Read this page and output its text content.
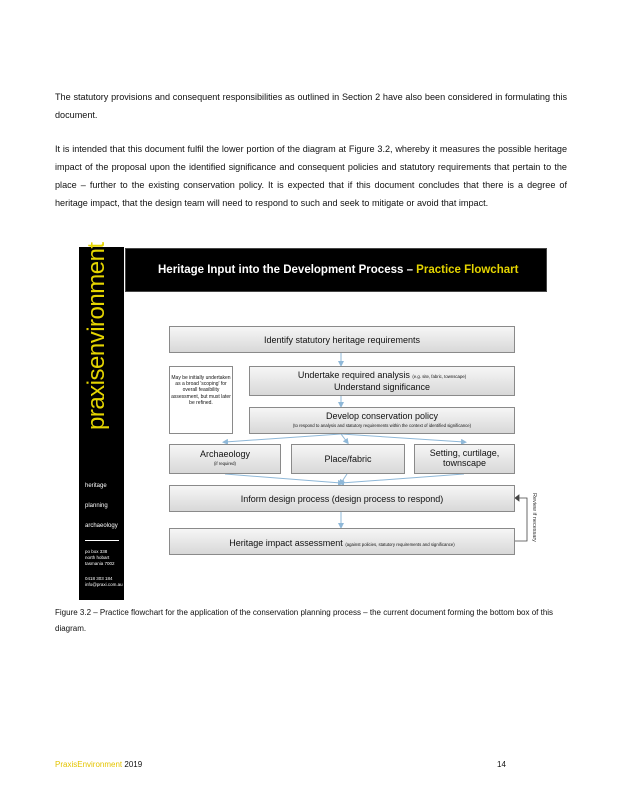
The statutory provisions and consequent responsibilities as outlined in Section 2 have also been considered in formulating this document.

It is intended that this document fulfil the lower portion of the diagram at Figure 3.2, whereby it measures the possible heritage impact of the proposal upon the identified significance and consequent policies and statutory requirements that pertain to the place – further to the existing conservation policy. It is expected that if this document concludes that there is a degree of heritage impact, that the design team will need to respond to such and seek to mitigate or avoid that impact.

praxisenvironment
heritage
planning
archaeology
po box 338
north hobart
tasmania 7002
0418 303 184
info@praxi.com.au
Heritage Input into the Development Process – Practice Flowchart
Identify statutory heritage requirements
May be initially undertaken as a broad 'scoping' for overall feasibility assessment, but must later be refined.
Undertake required analysis (e.g. site, fabric, townscape)
Understand significance
Develop conservation policy
(to respond to analysis and statutory requirements within the context of identified significance)
Archaeology
(if required)	Place/fabric
Setting, curtilage, townscape
Inform design process (design process to respond)
Heritage impact assessment (against policies, statutory requirements and significance)
Review if necessary

Figure 3.2 – Practice flowchart for the application of the conservation planning process – the current document forming the bottom box of this diagram.

PraxisEnvironment 2019	14
